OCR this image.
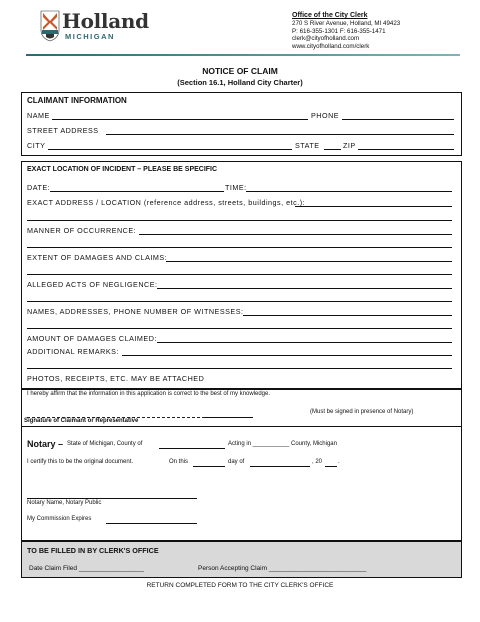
Holland
MICHIGAN
Office of the City Clerk
270 S River Avenue, Holland, MI 49423
P: 616-355-1301 F: 616-355-1471
clerk@cityofholland.com
www.cityofholland.com/clerk
NOTICE OF CLAIM
(Section 16.1, Holland City Charter)
CLAIMANT INFORMATION
NAME	PHONE
STREET ADDRESS
CITY	STATE	ZIP
EXACT LOCATION OF INCIDENT – PLEASE BE SPECIFIC
DATE:	TIME:
EXACT ADDRESS / LOCATION (reference address, streets, buildings, etc.):
MANNER OF OCCURRENCE:
EXTENT OF DAMAGES AND CLAIMS:
ALLEGED ACTS OF NEGLIGENCE:
NAMES, ADDRESSES, PHONE NUMBER OF WITNESSES:
AMOUNT OF DAMAGES CLAIMED:
ADDITIONAL REMARKS:
PHOTOS, RECEIPTS, ETC. MAY BE ATTACHED
I hereby affirm that the information in this application is correct to the best of my knowledge.
(Must be signed in presence of Notary)
Signature of Claimant or Representative
Notary – State of Michigan, County of	Acting in ___________ County, Michigan
I certify this to be the original document.	On this	day of	, 20	.
Notary Name, Notary Public
My Commission Expires
TO BE FILLED IN BY CLERK'S OFFICE
Date Claim Filed __________________	Person Accepting Claim ___________________________
RETURN COMPLETED FORM TO THE CITY CLERK'S OFFICE
